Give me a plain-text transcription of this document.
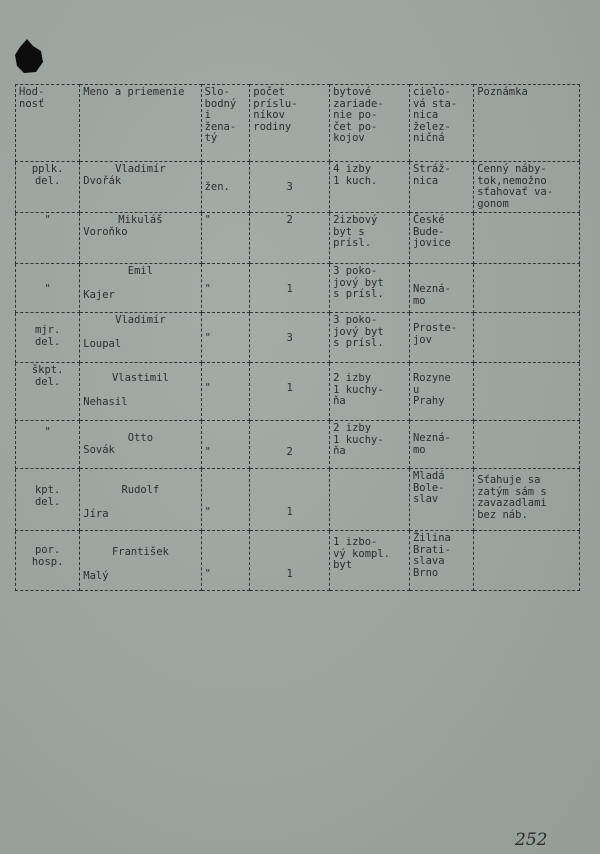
Hod-
nosť	Meno a priemenie	Slo-
bodný
i
žena-
tý	počet
príslu-
níkov
rodiny	bytové
zariade-
nie po-
čet po-
kojov	cielo-
vá sta-
nica
želez-
ničná	Poznámka
pplk.
del.	Vladimír
Dvořák	žen.	3	4 izby
1 kuch.	Stráž-
nica	Cenný náby-
tok,nemožno
sťahovať va-
gonom
"	Mikuláš
Voroňko	"	2	2izbový
byt s
prísl.	České
Bude-
jovice	
"	Emil
Kajer	"	1	3 poko-
jový byt
s prísl.	Nezná-
mo	
mjr.
del.	Vladimír
Loupal	"	3	3 poko-
jový byt
s prísl.	Proste-
jov	
škpt.
del.	Vlastimil
Nehasil	"	1	2 izby
1 kuchy-
ňa	Rozyne
u
Prahy	
"	Otto
Sovák	"	2	2 izby
1 kuchy-
ňa	Nezná-
mo	
kpt.
del.	Rudolf
Jíra	"	1		Mladá
Bole-
slav	Sťahuje sa
zatým sám s
zavazadlami
bez náb.
por.
hosp.	František
Malý	"	1	1 izbo-
vý kompl.
byt	Žilina
Brati-
slava
Brno	
252
